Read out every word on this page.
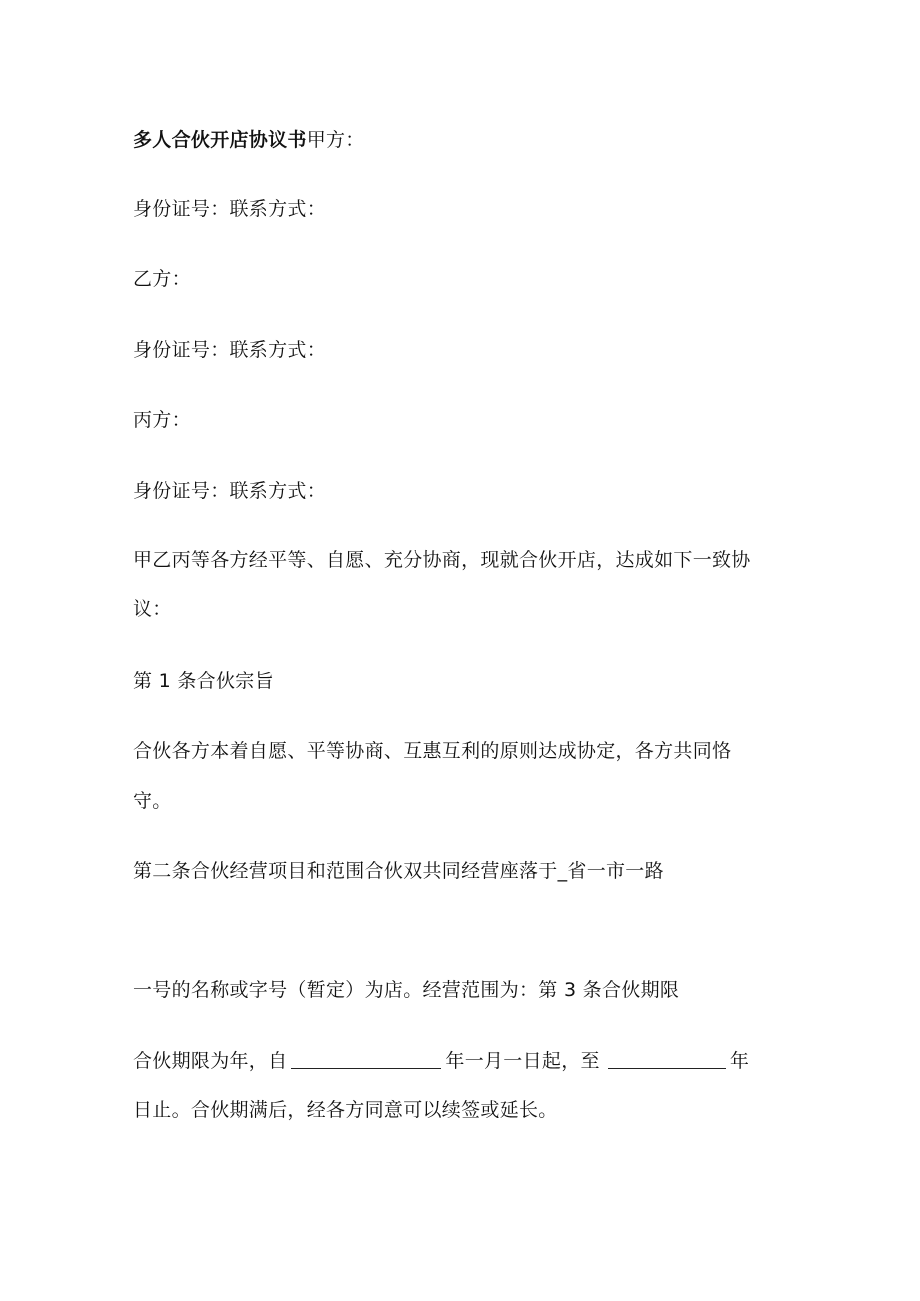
多人合伙开店协议书甲方：
身份证号：联系方式：
乙方：
身份证号：联系方式：
丙方：
身份证号：联系方式：
甲乙丙等各方经平等、自愿、充分协商，现就合伙开店，达成如下一致协
议：
第 1 条合伙宗旨
合伙各方本着自愿、平等协商、互惠互利的原则达成协定，各方共同恪
守。
第二条合伙经营项目和范围合伙双共同经营座落于_省一市一路
一号的名称或字号（暂定）为店。经营范围为：第 3 条合伙期限
合伙期限为年，自	年一月一日起，至	年
日止。合伙期满后，经各方同意可以续签或延长。
